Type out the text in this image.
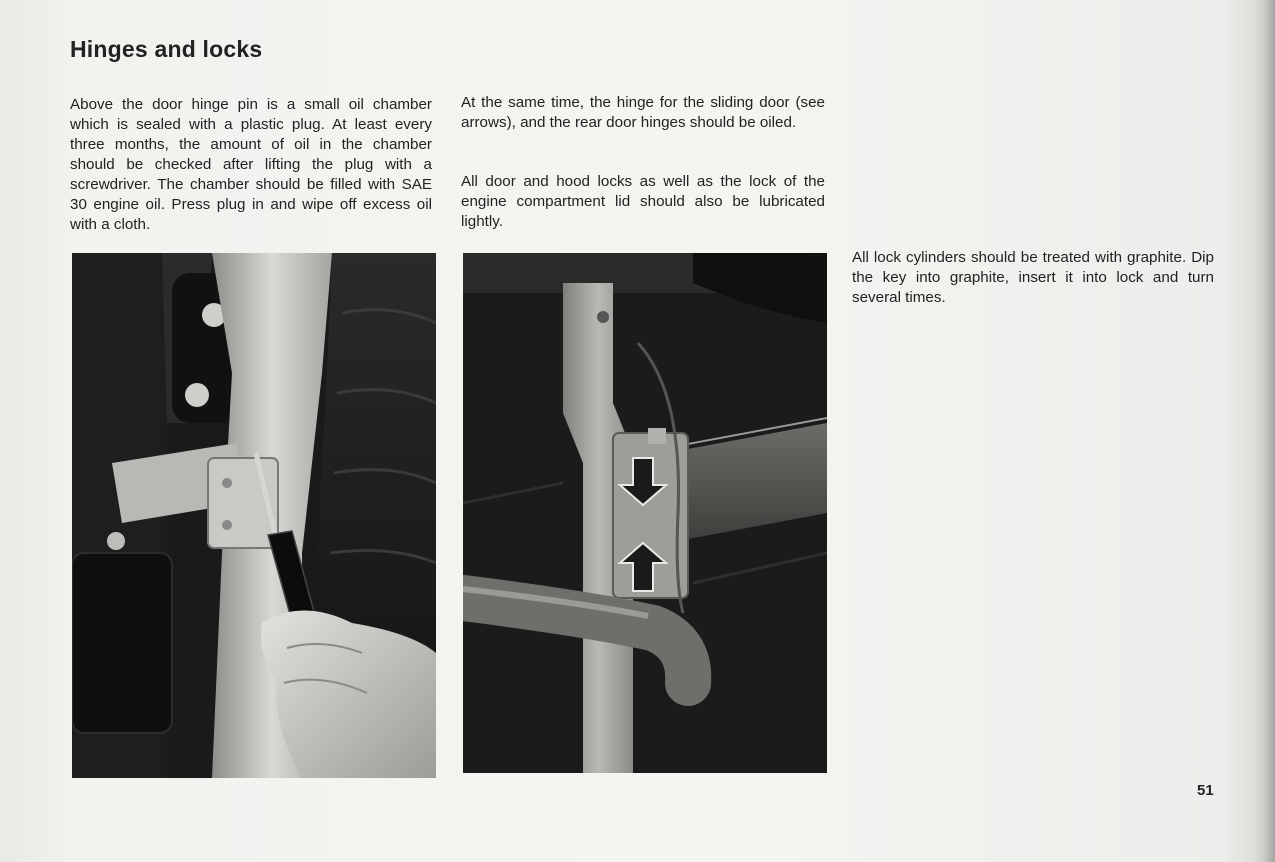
Hinges and locks

Above the door hinge pin is a small oil chamber which is sealed with a plastic plug. At least every three months, the amount of oil in the chamber should be checked after lifting the plug with a screwdriver. The chamber should be filled with SAE 30 engine oil. Press plug in and wipe off excess oil with a cloth.

At the same time, the hinge for the sliding door (see arrows), and the rear door hinges should be oiled.

All door and hood locks as well as the lock of the engine compartment lid should also be lubricated lightly.

All lock cylinders should be treated with graphite. Dip the key into graphite, insert it into lock and turn several times.

51
